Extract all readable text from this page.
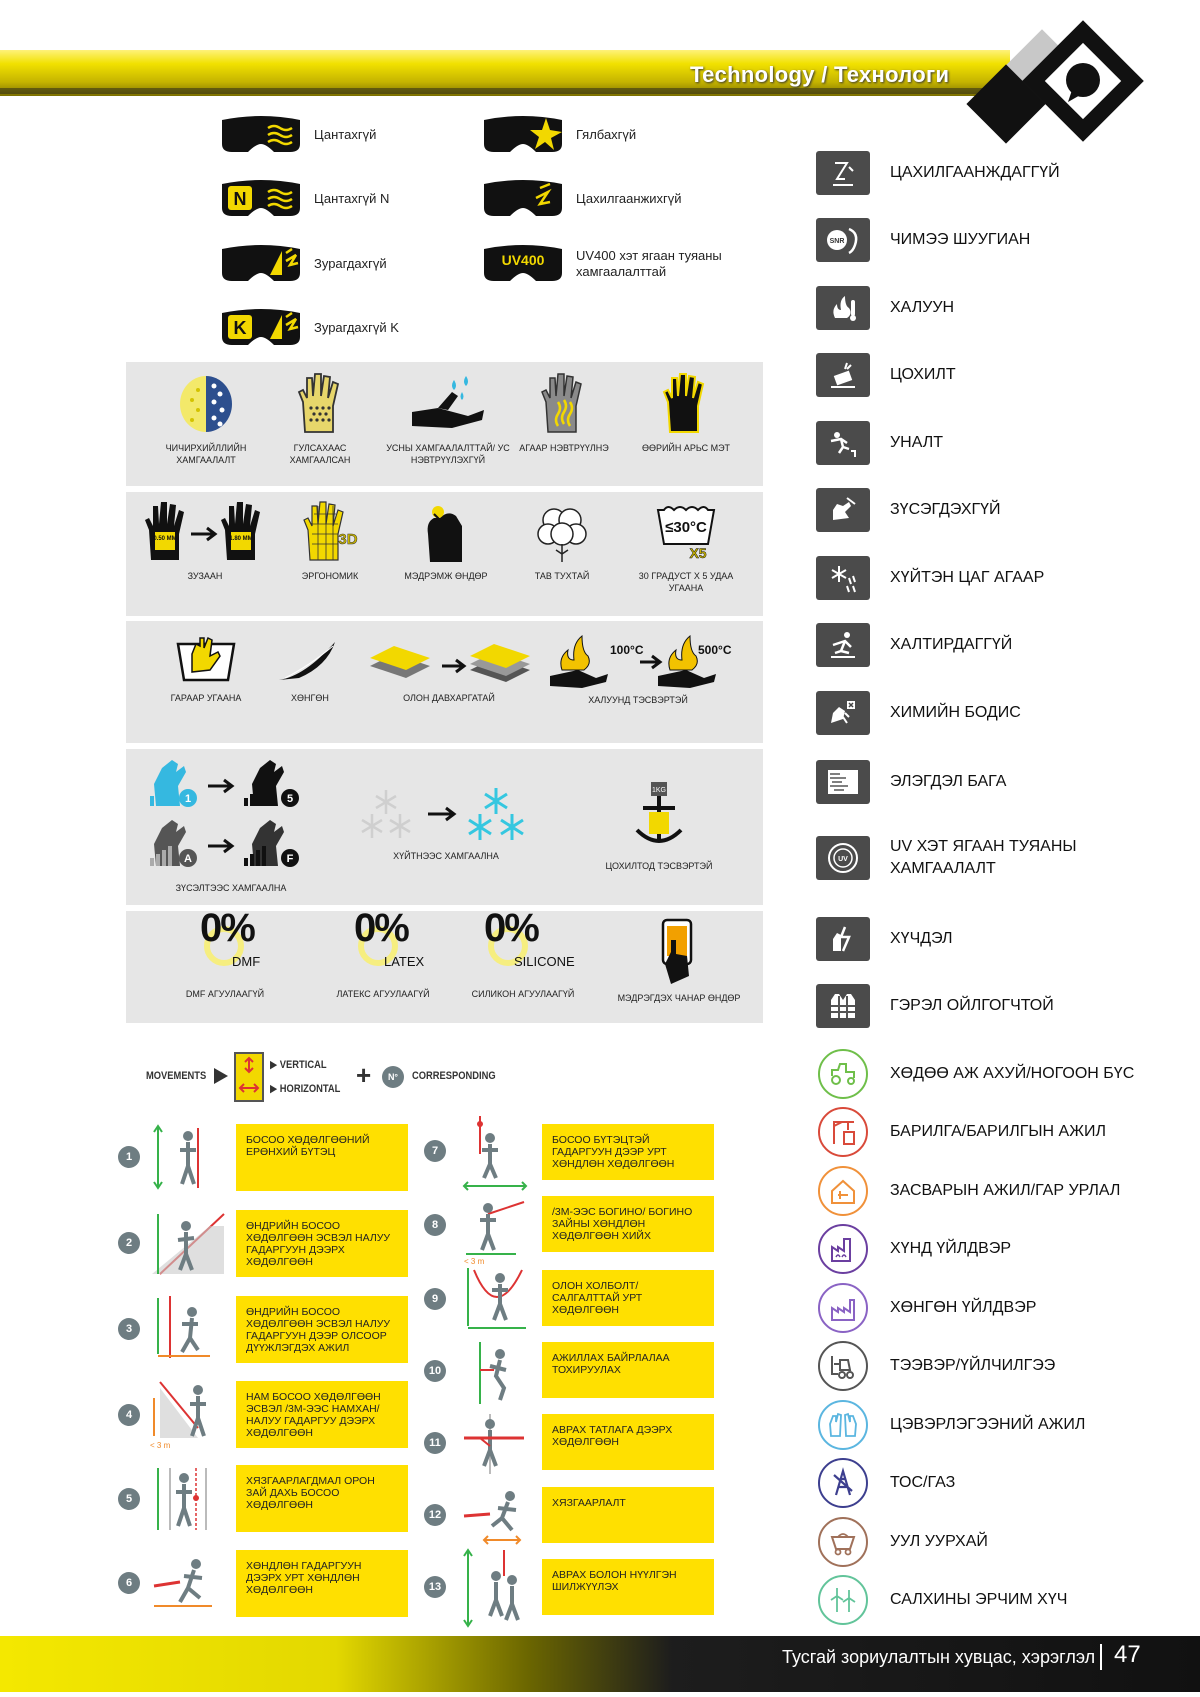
Technology / Технологи
Цантахгүй	Гялбахгүй
N	Цантахгүй N	Цахилгаанжихгүй
Зурагдахгүй	UV400 UV400 хэт ягаан туяаны хамгаалалттай
K	Зурагдахгүй K
ЧИЧИРХИЙЛЛИЙН ХАМГААЛАЛТ
ГУЛСАХААС ХАМГААЛСАН
УСНЫ ХАМГААЛАЛТТАЙ/ УС НЭВТРҮҮЛЭХГҮЙ
АГААР НЭВТРҮҮЛНЭ	ӨӨРИЙН АРЬС МЭТ
0.50 MM	1.80 MM
ЗУЗААН
3D
ЭРГОНОМИК	МЭДРЭМЖ ӨНДӨР	ТАВ ТУХТАЙ
≤30°C
X5
30 ГРАДУСТ X 5 УДАА УГААНА
ГАРААР УГААНА	ХӨНГӨН	ОЛОН ДАВХАРГАТАЙ
100°C	500°C
ХАЛУУНД ТЭСВЭРТЭЙ
1	5
A	F
ЗҮСЭЛТЭЭС ХАМГААЛНА
ХҮЙТНЭЭС ХАМГААЛНА
1KG
ЦОХИЛТОД ТЭСВЭРТЭЙ
0%
DMF
DMF АГУУЛААГҮЙ
0%
LATEX
ЛАТЕКС АГУУЛААГҮЙ
0%
SILICONE
СИЛИКОН АГУУЛААГҮЙ	МЭДРЭГДЭХ ЧАНАР ӨНДӨР
ЦАХИЛГААНЖДАГГҮЙ
SNR	ЧИМЭЭ ШУУГИАН
ХАЛУУН
ЦОХИЛТ
УНАЛТ
ЗҮСЭГДЭХГҮЙ
ХҮЙТЭН ЦАГ АГААР
ХАЛТИРДАГГҮЙ
ХИМИЙН БОДИС
ЭЛЭГДЭЛ БАГА
UV
UV ХЭТ ЯГААН ТУЯАНЫ ХАМГААЛАЛТ
ХҮЧДЭЛ
ГЭРЭЛ ОЙЛГОГЧТОЙ
ХӨДӨӨ АЖ АХУЙ/НОГООН БҮС
БАРИЛГА/БАРИЛГЫН АЖИЛ
ЗАСВАРЫН АЖИЛ/ГАР УРЛАЛ
ХҮНД ҮЙЛДВЭР
ХӨНГӨН ҮЙЛДВЭР
ТЭЭВЭР/ҮЙЛЧИЛГЭЭ
ЦЭВЭРЛЭГЭЭНИЙ АЖИЛ
ТОС/ГАЗ
УУЛ УУРХАЙ
САЛХИНЫ ЭРЧИМ ХҮЧ
MOVEMENTS
▶ VERTICAL
▶ HORIZONTAL +	N°	CORRESPONDING
1
БОСОО ХӨДӨЛГӨӨНИЙ ЕРӨНХИЙ БҮТЭЦ
2
ӨНДРИЙН БОСОО ХӨДӨЛГӨӨН ЭСВЭЛ НАЛУУ ГАДАРГУУН ДЭЭРХ ХӨДӨЛГӨӨН
3
ӨНДРИЙН БОСОО ХӨДӨЛГӨӨН ЭСВЭЛ НАЛУУ ГАДАРГУУН ДЭЭР ОЛСООР ДҮҮЖЛЭГДЭХ АЖИЛ
4
< 3 m
НАМ БОСОО ХӨДӨЛГӨӨН ЭСВЭЛ /3М-ЭЭС НАМХАН/ НАЛУУ ГАДАРГУУ ДЭЭРХ ХӨДӨЛГӨӨН
5
ХЯЗГААРЛАГДМАЛ ОРОН ЗАЙ ДАХЬ БОСОО ХӨДӨЛГӨӨН
6
ХӨНДЛӨН ГАДАРГУУН ДЭЭРХ УРТ ХӨНДЛӨН ХӨДӨЛГӨӨН
7
БОСОО БҮТЭЦТЭЙ ГАДАРГУУН ДЭЭР УРТ ХӨНДЛӨН ХӨДӨЛГӨӨН
8
< 3 m
/3М-ЭЭС БОГИНО/ БОГИНО ЗАЙНЫ ХӨНДЛӨН ХӨДӨЛГӨӨН ХИЙХ
9
ОЛОН ХОЛБОЛТ/САЛГАЛТТАЙ УРТ ХӨДӨЛГӨӨН
10
АЖИЛЛАХ БАЙРЛАЛАА ТОХИРУУЛАХ
11
АВРАХ ТАТЛАГА ДЭЭРХ ХӨДӨЛГӨӨН
12
ХЯЗГААРЛАЛТ
13
АВРАХ БОЛОН НҮҮЛГЭН ШИЛЖҮҮЛЭХ
Тусгай зориулалтын хувцас, хэрэглэл 47
